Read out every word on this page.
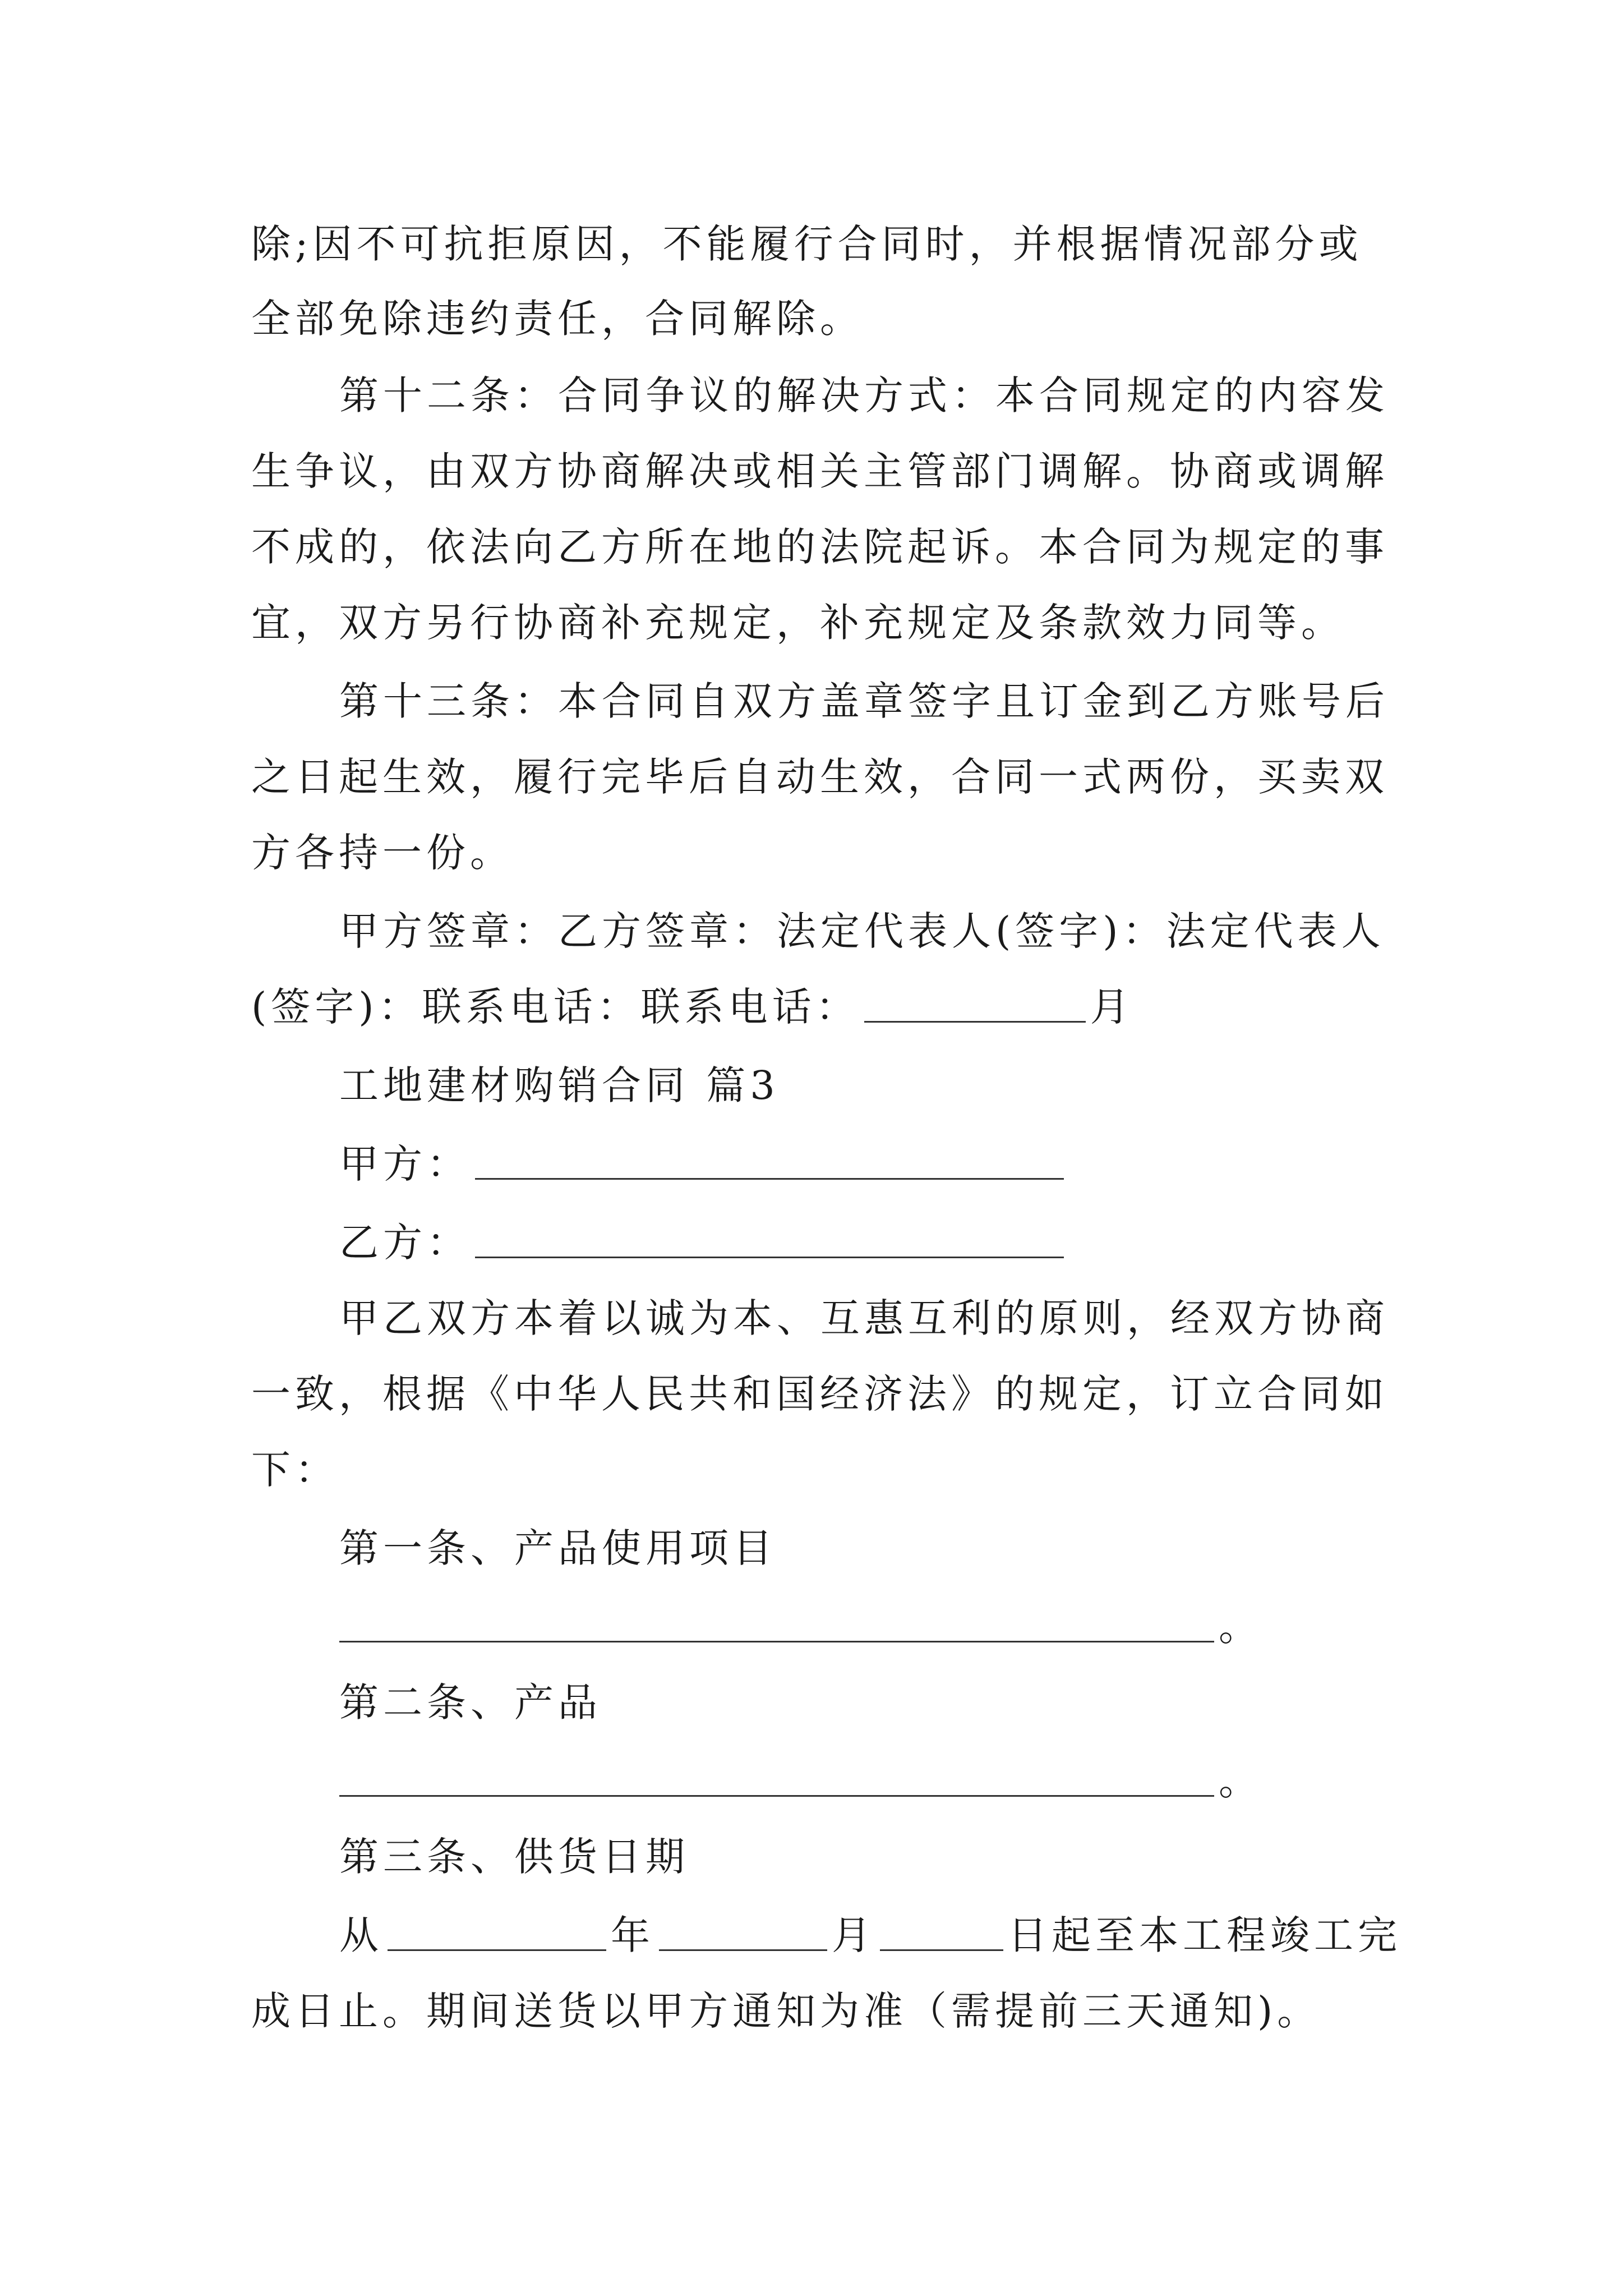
除;因不可抗拒原因，不能履行合同时，并根据情况部分或
全部免除违约责任，合同解除。
第十二条：合同争议的解决方式：本合同规定的内容发
生争议，由双方协商解决或相关主管部门调解。协商或调解
不成的，依法向乙方所在地的法院起诉。本合同为规定的事
宜，双方另行协商补充规定，补充规定及条款效力同等。
第十三条：本合同自双方盖章签字且订金到乙方账号后
之日起生效，履行完毕后自动生效，合同一式两份，买卖双
方各持一份。
甲方签章：乙方签章：法定代表人(签字)：法定代表人
(签字)：联系电话：联系电话：	月
工地建材购销合同 篇3
甲方：
乙方：
甲乙双方本着以诚为本、互惠互利的原则，经双方协商
一致，根据《中华人民共和国经济法》的规定，订立合同如
下：
第一条、产品使用项目
。
第二条、产品
。
第三条、供货日期
从	年	月	日起至本工程竣工完
成日止。期间送货以甲方通知为准（需提前三天通知)。
